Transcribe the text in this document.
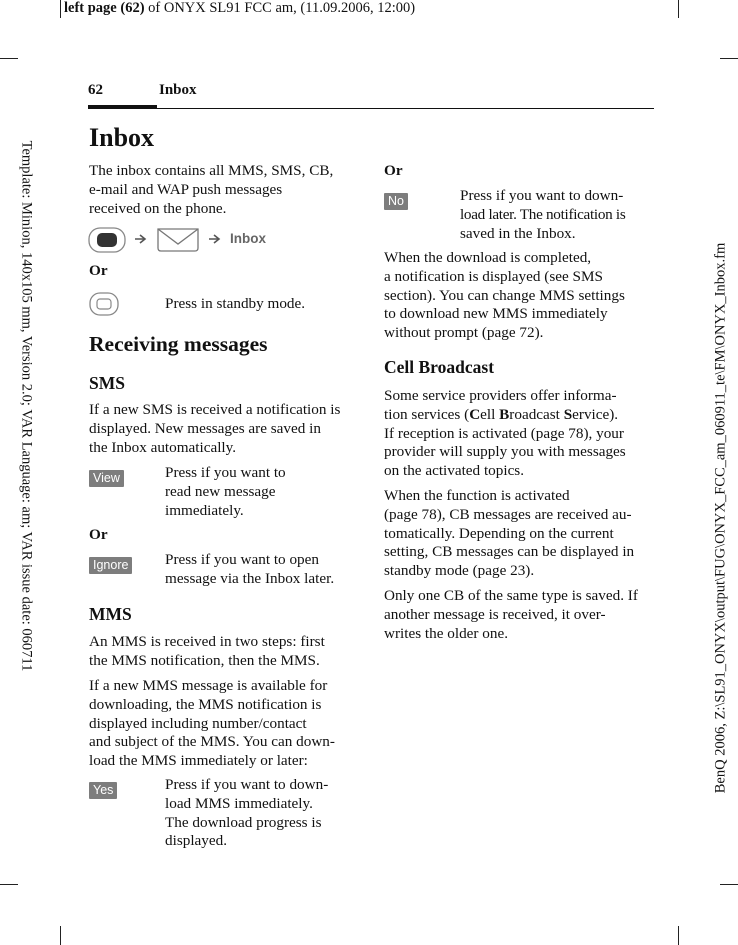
left page (62) of ONYX SL91 FCC am, (11.09.2006, 12:00)
Template: Minion, 140x105 mm, Version 2.0; VAR Language: am; VAR issue date: 060711	BenQ 2006, Z:\SL91_ONYX\output\FUG\ONYX_FCC_am_060911_te\FM\ONYX_Inbox.fm
62	Inbox
Inbox
The inbox contains all MMS, SMS, CB,
e-mail and WAP push messages
received on the phone.
Inbox
Or
Press in standby mode.
Receiving messages
SMS
If a new SMS is received a notification is
displayed. New messages are saved in
the Inbox automatically.
View	Press if you want to
read new message
immediately.
Or
Ignore Press if you want to open
message via the Inbox later.
MMS
An MMS is received in two steps: first
the MMS notification, then the MMS.
If a new MMS message is available for
downloading, the MMS notification is
displayed including number/contact
and subject of the MMS. You can down-
load the MMS immediately or later:
Yes	Press if you want to down-
load MMS immediately.
The download progress is
displayed.
Or
No	Press if you want to down-
load later. The notification is
saved in the Inbox.
When the download is completed,
a notification is displayed (see SMS
section). You can change MMS settings
to download new MMS immediately
without prompt (page 72).
Cell Broadcast
Some service providers offer informa-
tion services (Cell Broadcast Service).
If reception is activated (page 78), your
provider will supply you with messages
on the activated topics.
When the function is activated
(page 78), CB messages are received au-
tomatically. Depending on the current
setting, CB messages can be displayed in
standby mode (page 23).
Only one CB of the same type is saved. If
another message is received, it over-
writes the older one.
